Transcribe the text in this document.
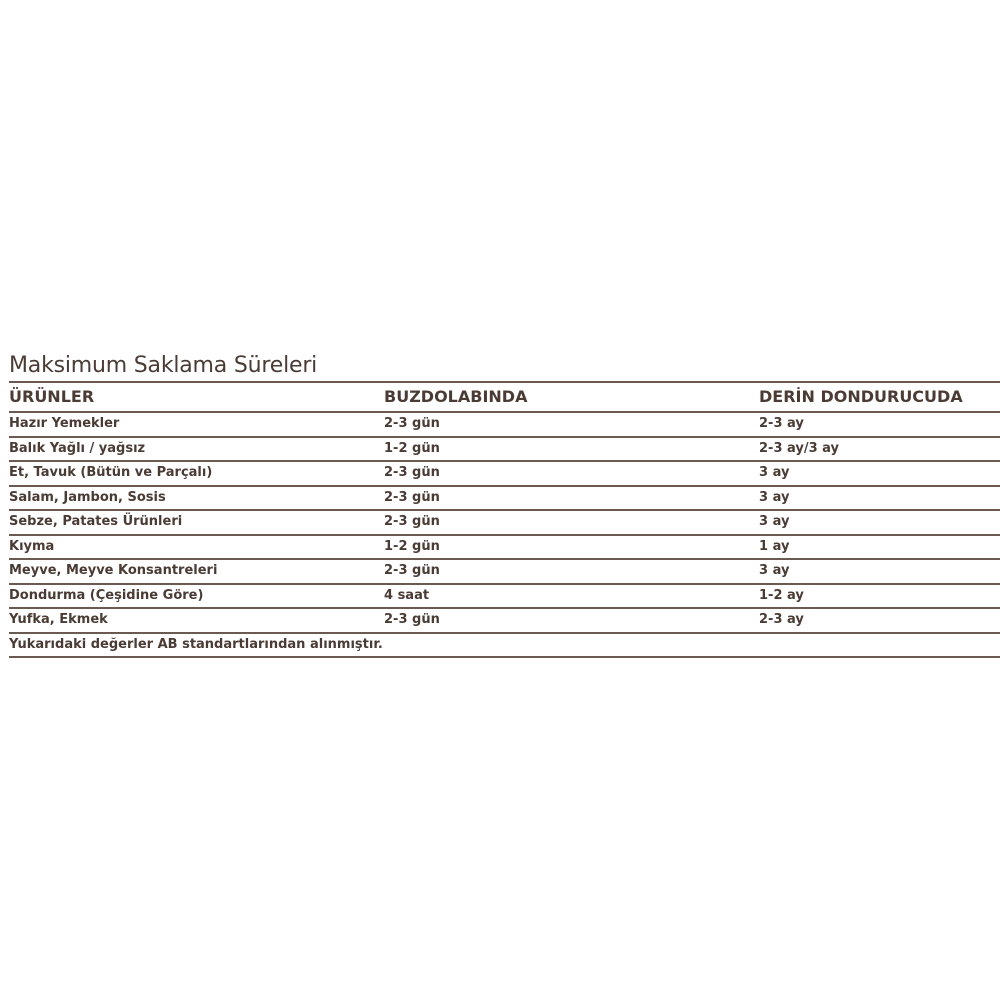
Maksimum Saklama Süreleri
ÜRÜNLER	BUZDOLABINDA	DERİN DONDURUCUDA
Hazır Yemekler	2-3 gün	2-3 ay
Balık Yağlı / yağsız	1-2 gün	2-3 ay/3 ay
Et, Tavuk (Bütün ve Parçalı)	2-3 gün	3 ay
Salam, Jambon, Sosis	2-3 gün	3 ay
Sebze, Patates Ürünleri	2-3 gün	3 ay
Kıyma	1-2 gün	1 ay
Meyve, Meyve Konsantreleri	2-3 gün	3 ay
Dondurma (Çeşidine Göre)	4 saat	1-2 ay
Yufka, Ekmek	2-3 gün	2-3 ay
Yukarıdaki değerler AB standartlarından alınmıştır.
